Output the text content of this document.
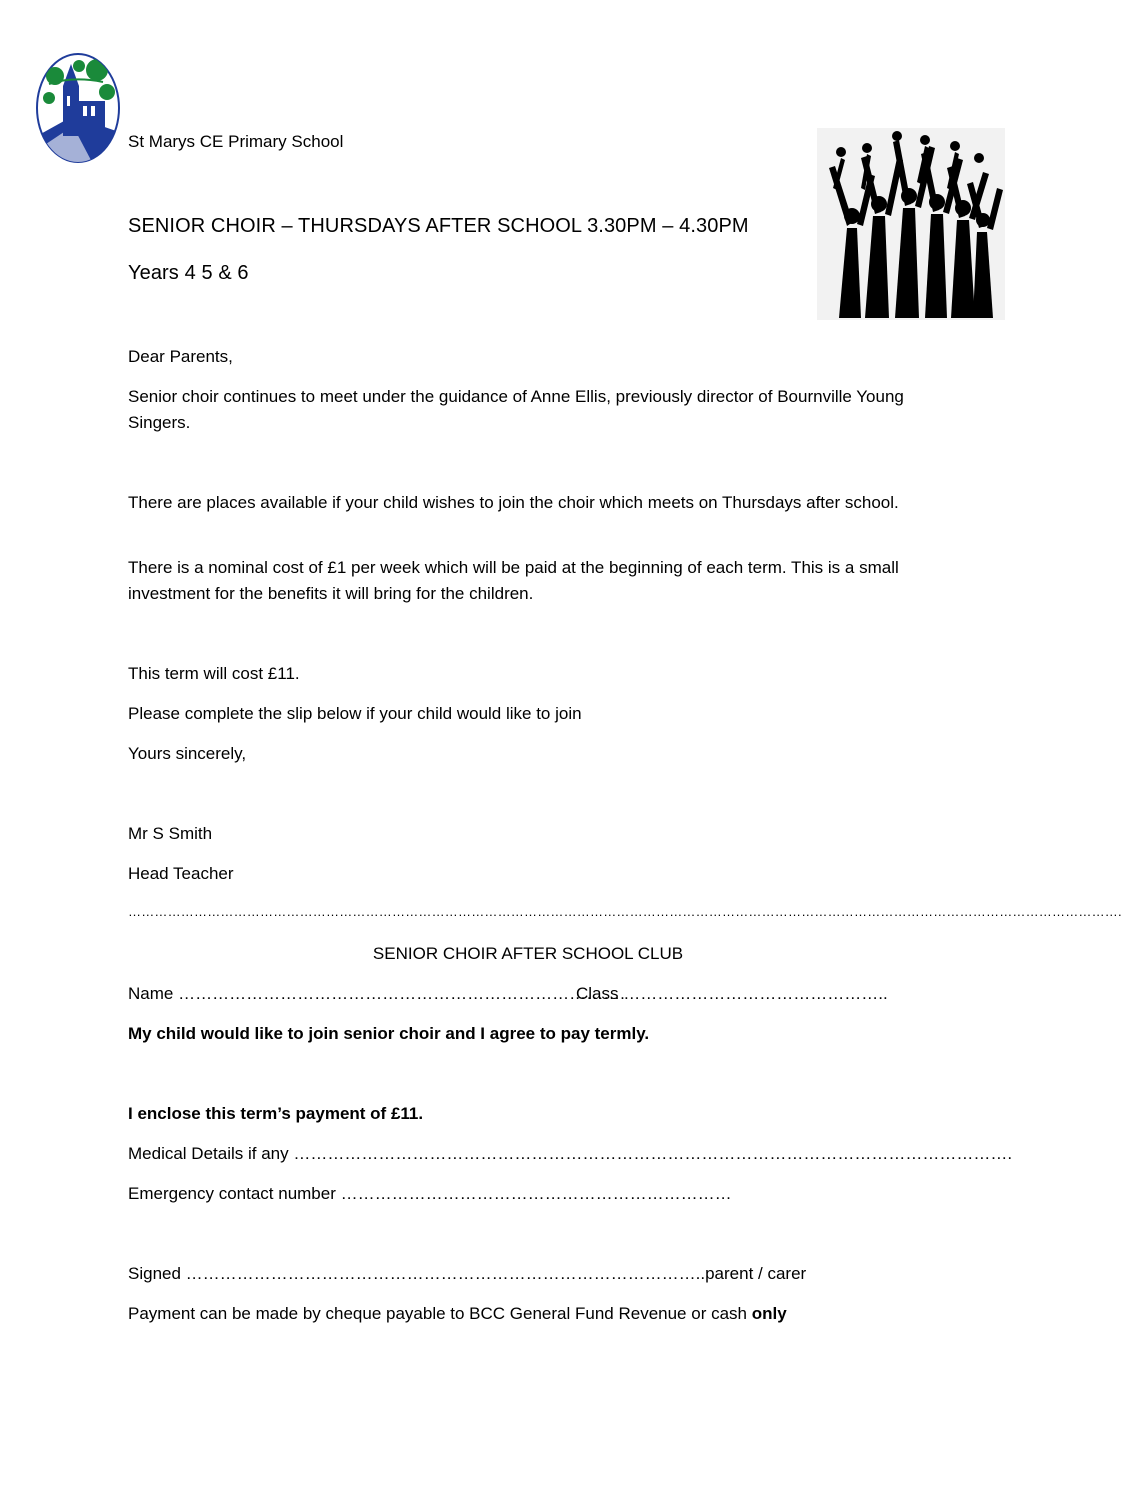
St Marys CE Primary School
SENIOR CHOIR – THURSDAYS AFTER SCHOOL 3.30PM – 4.30PM
Years 4 5 & 6
Dear Parents,
Senior choir continues to meet under the guidance of Anne Ellis, previously director of Bournville Young Singers.
There are places available if your child wishes to join the choir which meets on Thursdays after school.
There is a nominal cost of £1 per week which will be paid at the beginning of each term. This is a small investment for the benefits it will bring for the children.
This term will cost £11.
Please complete the slip below if your child would like to join
Yours sincerely,
Mr S Smith
Head Teacher
……………………………………………………………………………………………………………………………………………………………………………………………………….
SENIOR CHOIR AFTER SCHOOL CLUB
Name …………………………………………………………………….
Class ………………………………………..
My child would like to join senior choir and I agree to pay termly.
I enclose this term’s payment of £11.
Medical Details if any ……………………………………………………………………………………………………………….
Emergency contact number ……………………………………………………………
Signed ………………………………………………………………………………..parent / carer
Payment can be made by cheque payable to BCC General Fund Revenue or cash only
